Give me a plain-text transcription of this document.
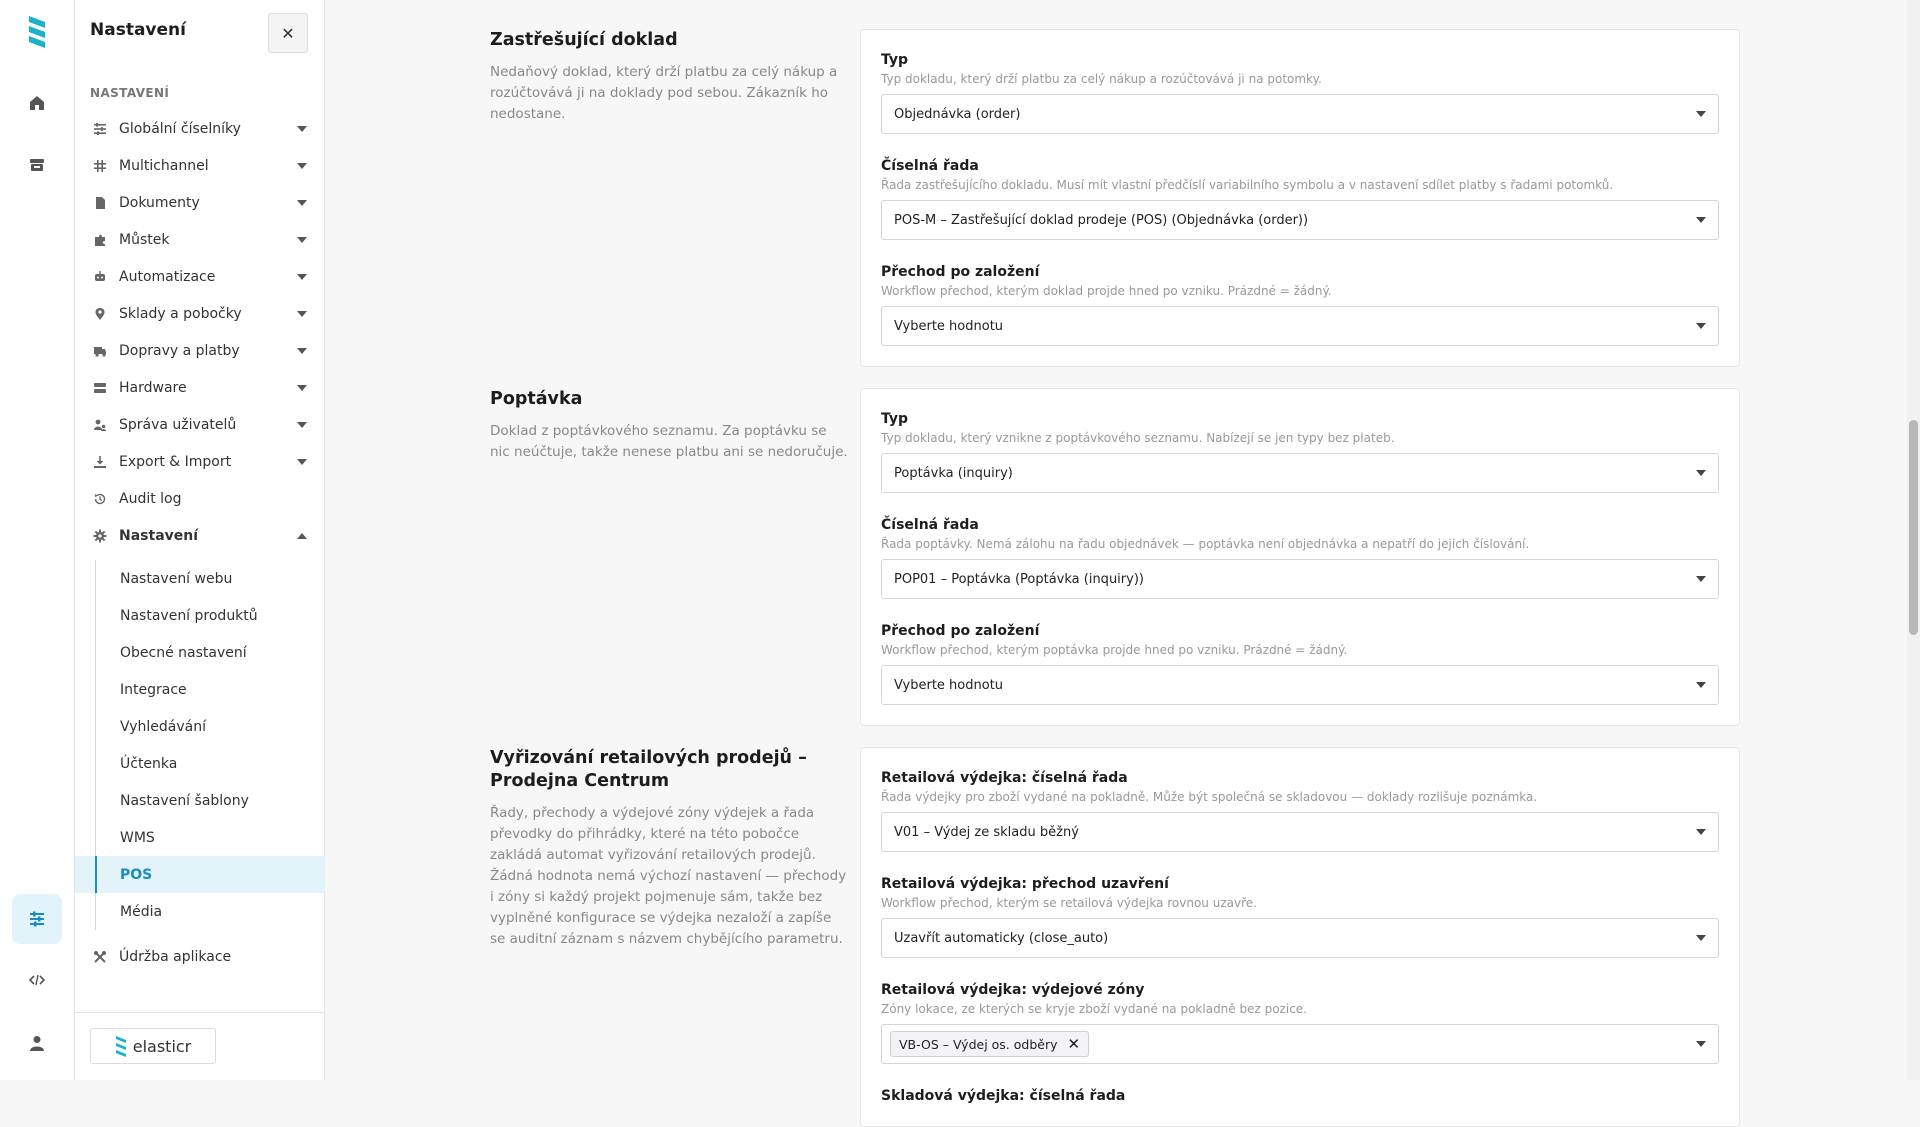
Nastavení	✕
NASTAVENÍ
Globální číselníky
Multichannel
Dokumenty
Můstek
Automatizace
Sklady a pobočky
Dopravy a platby
Hardware
Správa uživatelů
Export & Import
Audit log
Nastavení
Nastavení webu
Nastavení produktů
Obecné nastavení
Integrace
Vyhledávání
Účtenka
Nastavení šablony
WMS
POS
Média
Údržba aplikace
elasticr
Zastřešující doklad
Nedaňový doklad, který drží platbu za celý nákup a rozúčtovává ji na doklady pod sebou. Zákazník ho nedostane.
Typ
Typ dokladu, který drží platbu za celý nákup a rozúčtovává ji na potomky.
Objednávka (order)
Číselná řada
Řada zastřešujícího dokladu. Musí mít vlastní předčíslí variabilního symbolu a v nastavení sdílet platby s řadami potomků.
POS-M – Zastřešující doklad prodeje (POS) (Objednávka (order))
Přechod po založení
Workflow přechod, kterým doklad projde hned po vzniku. Prázdné = žádný.
Vyberte hodnotu
Poptávka
Doklad z poptávkového seznamu. Za poptávku se nic neúčtuje, takže nenese platbu ani se nedoručuje.
Typ
Typ dokladu, který vznikne z poptávkového seznamu. Nabízejí se jen typy bez plateb.
Poptávka (inquiry)
Číselná řada
Řada poptávky. Nemá zálohu na řadu objednávek — poptávka není objednávka a nepatří do jejich číslování.
POP01 – Poptávka (Poptávka (inquiry))
Přechod po založení
Workflow přechod, kterým poptávka projde hned po vzniku. Prázdné = žádný.
Vyberte hodnotu
Vyřizování retailových prodejů – Prodejna Centrum
Řady, přechody a výdejové zóny výdejek a řada převodky do přihrádky, které na této pobočce zakládá automat vyřizování retailových prodejů. Žádná hodnota nemá výchozí nastavení — přechody i zóny si každý projekt pojmenuje sám, takže bez vyplněné konfigurace se výdejka nezaloží a zapíše se auditní záznam s názvem chybějícího parametru.
Retailová výdejka: číselná řada
Řada výdejky pro zboží vydané na pokladně. Může být společná se skladovou — doklady rozlišuje poznámka.
V01 – Výdej ze skladu běžný
Retailová výdejka: přechod uzavření
Workflow přechod, kterým se retailová výdejka rovnou uzavře.
Uzavřít automaticky (close_auto)
Retailová výdejka: výdejové zóny
Zóny lokace, ze kterých se kryje zboží vydané na pokladně bez pozice.
VB-OS – Výdej os. odběry ✕
Skladová výdejka: číselná řada
